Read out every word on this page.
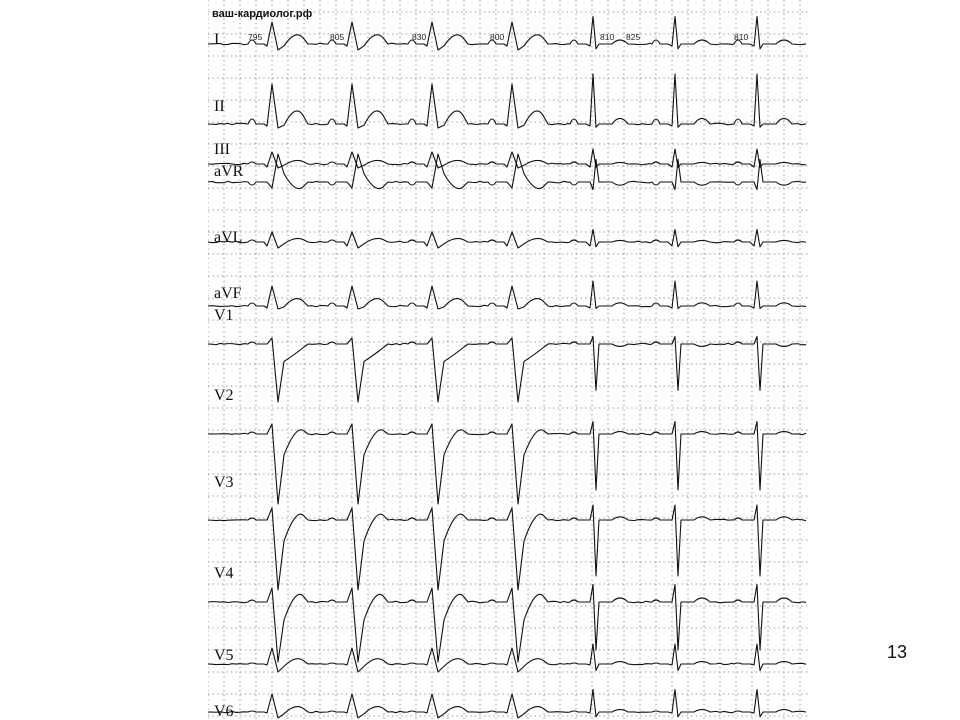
ваш-кардиолог.рф
795	805	830	800	810 825	810
I
II
III
aVR
aVL
aVF
V1
V2
V3
V4
V5
V6
13
